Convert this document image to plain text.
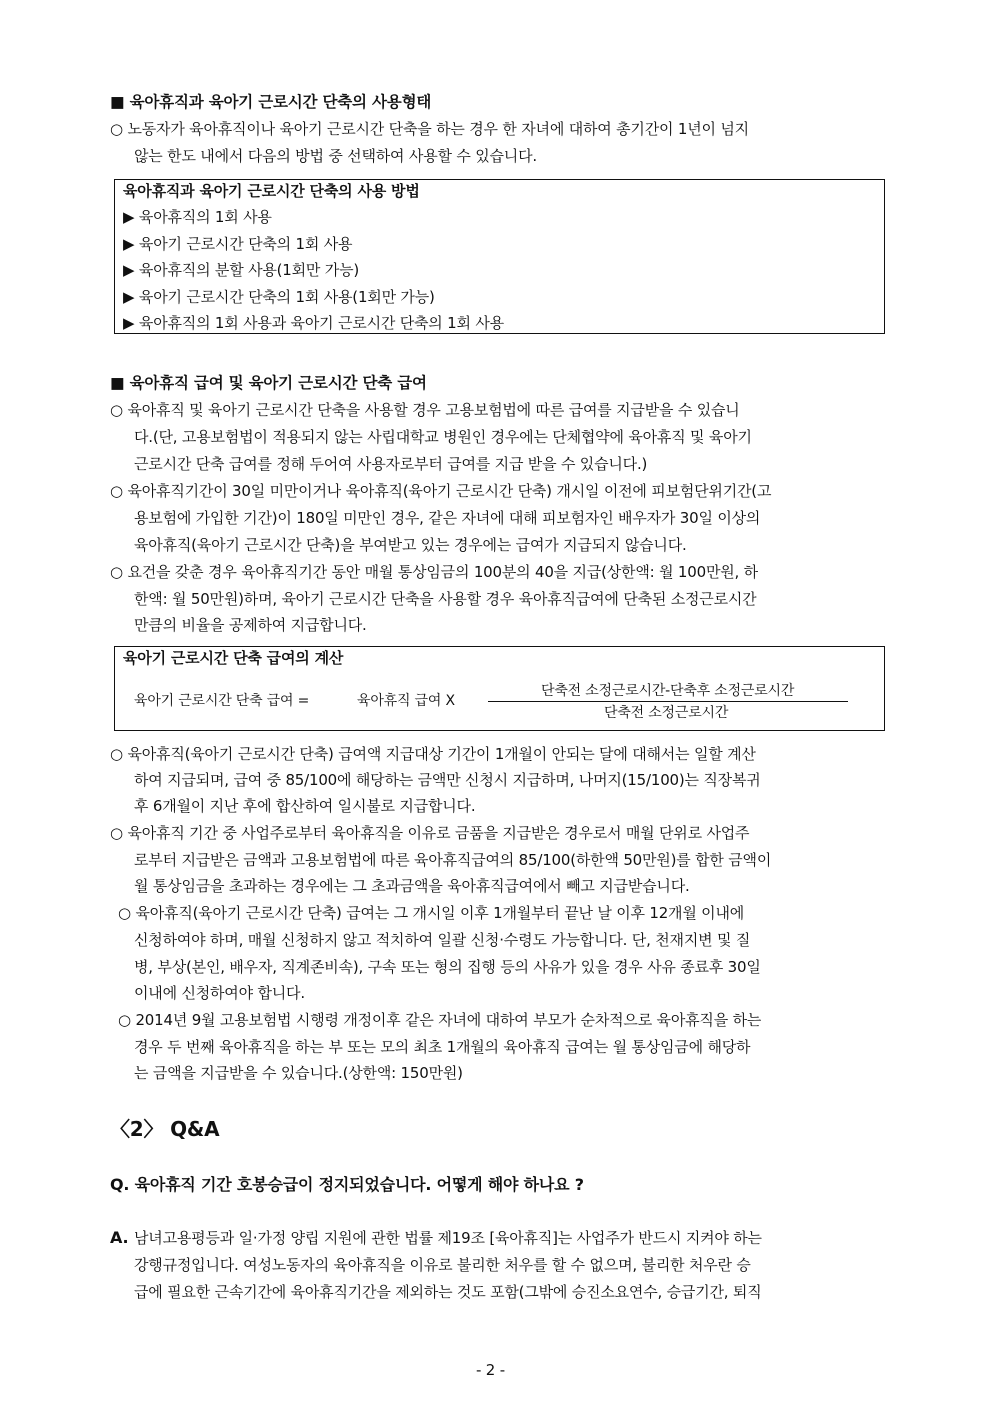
■ 육아휴직과 육아기 근로시간 단축의 사용형태
○ 노동자가 육아휴직이나 육아기 근로시간 단축을 하는 경우 한 자녀에 대하여 총기간이 1년이 넘지
않는 한도 내에서 다음의 방법 중 선택하여 사용할 수 있습니다.
육아휴직과 육아기 근로시간 단축의 사용 방법
▶ 육아휴직의 1회 사용
▶ 육아기 근로시간 단축의 1회 사용
▶ 육아휴직의 분할 사용(1회만 가능)
▶ 육아기 근로시간 단축의 1회 사용(1회만 가능)
▶ 육아휴직의 1회 사용과 육아기 근로시간 단축의 1회 사용
■ 육아휴직 급여 및 육아기 근로시간 단축 급여
○ 육아휴직 및 육아기 근로시간 단축을 사용할 경우 고용보험법에 따른 급여를 지급받을 수 있습니
다.(단, 고용보험법이 적용되지 않는 사립대학교 병원인 경우에는 단체협약에 육아휴직 및 육아기
근로시간 단축 급여를 정해 두어여 사용자로부터 급여를 지급 받을 수 있습니다.)
○ 육아휴직기간이 30일 미만이거나 육아휴직(육아기 근로시간 단축) 개시일 이전에 피보험단위기간(고
용보험에 가입한 기간)이 180일 미만인 경우, 같은 자녀에 대해 피보험자인 배우자가 30일 이상의
육아휴직(육아기 근로시간 단축)을 부여받고 있는 경우에는 급여가 지급되지 않습니다.
○ 요건을 갖춘 경우 육아휴직기간 동안 매월 통상임금의 100분의 40을 지급(상한액: 월 100만원, 하
한액: 월 50만원)하며, 육아기 근로시간 단축을 사용할 경우 육아휴직급여에 단축된 소정근로시간
만큼의 비율을 공제하여 지급합니다.
육아기 근로시간 단축 급여의 계산
육아기 근로시간 단축 급여 =	육아휴직 급여 X
단축전 소정근로시간-단축후 소정근로시간
단축전 소정근로시간
○ 육아휴직(육아기 근로시간 단축) 급여액 지급대상 기간이 1개월이 안되는 달에 대해서는 일할 계산
하여 지급되며, 급여 중 85/100에 해당하는 금액만 신청시 지급하며, 나머지(15/100)는 직장복귀
후 6개월이 지난 후에 합산하여 일시불로 지급합니다.
○ 육아휴직 기간 중 사업주로부터 육아휴직을 이유로 금품을 지급받은 경우로서 매월 단위로 사업주
로부터 지급받은 금액과 고용보험법에 따른 육아휴직급여의 85/100(하한액 50만원)를 합한 금액이
월 통상임금을 초과하는 경우에는 그 초과금액을 육아휴직급여에서 빼고 지급받습니다.
○ 육아휴직(육아기 근로시간 단축) 급여는 그 개시일 이후 1개월부터 끝난 날 이후 12개월 이내에
신청하여야 하며, 매월 신청하지 않고 적치하여 일괄 신청·수령도 가능합니다. 단, 천재지변 및 질
병, 부상(본인, 배우자, 직계존비속), 구속 또는 형의 집행 등의 사유가 있을 경우 사유 종료후 30일
이내에 신청하여야 합니다.
○ 2014년 9월 고용보험법 시행령 개정이후 같은 자녀에 대하여 부모가 순차적으로 육아휴직을 하는
경우 두 번째 육아휴직을 하는 부 또는 모의 최초 1개월의 육아휴직 급여는 월 통상임금에 해당하
는 금액을 지급받을 수 있습니다.(상한액: 150만원)
〈2〉 Q&A
Q. 육아휴직 기간 호봉승급이 정지되었습니다. 어떻게 해야 하나요 ?
A. 남녀고용평등과 일·가정 양립 지원에 관한 법률 제19조 [육아휴직]는 사업주가 반드시 지켜야 하는
강행규정입니다. 여성노동자의 육아휴직을 이유로 불리한 처우를 할 수 없으며, 불리한 처우란 승
급에 필요한 근속기간에 육아휴직기간을 제외하는 것도 포함(그밖에 승진소요연수, 승급기간, 퇴직
- 2 -
